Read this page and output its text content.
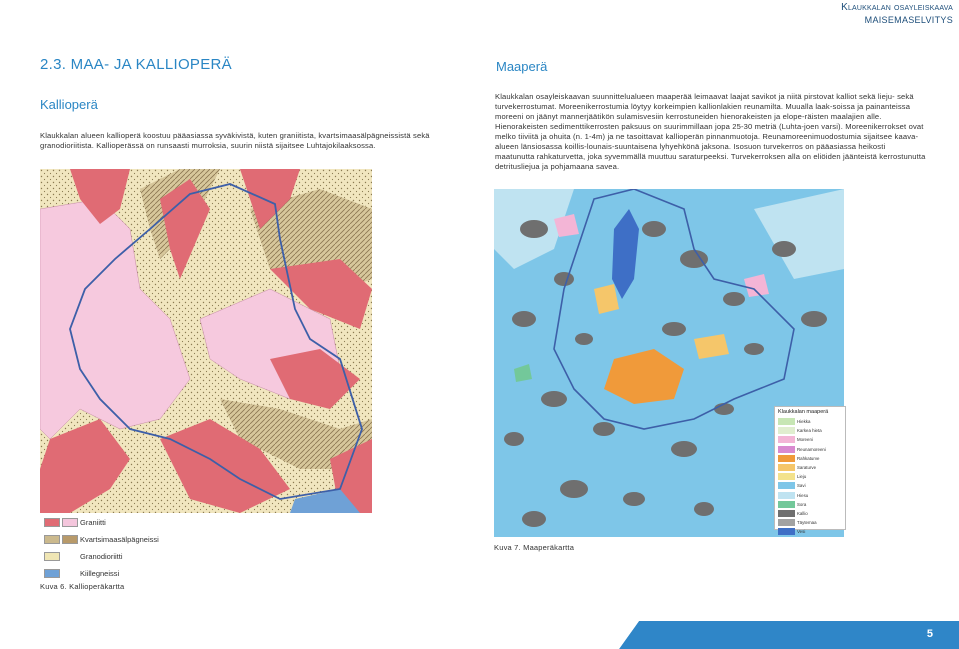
Klaukkalan osayleiskaava
MAISEMASELVITYS
2.3. MAA- JA KALLIOPERÄ
Kallioperä
Maaperä
Klaukkalan alueen kallioperä koostuu pääasiassa syväkivistä, kuten graniitista, kvartsimaasälpägneissistä sekä granodioriitista. Kallioperässä on runsaasti murroksia, suurin niistä sijaitsee Luhtajokilaaksossa.
Klaukkalan osayleiskaavan suunnittelualueen maaperää leimaavat laajat savikot ja niitä pirstovat kalliot sekä lieju- sekä turvekerrostumat. Moreenikerrostumia löytyy korkeimpien kallionlakien reunamilta. Muualla laak-soissa ja painanteissa moreeni on jäänyt mannerjäätikön sulamisvesiin kerrostuneiden hienorakeisten ja elope-räisten maalajien alle. Hienorakeisten sedimenttikerrosten paksuus on suurimmillaan jopa 25-30 metriä (Luhta-joen varsi). Moreenikerrokset ovat melko tiiviitä ja ohuita (n. 1-4m) ja ne tasoittavat kallioperän pinnanmuotoja. Reunamoreenimuodostumia sijaitsee kaava-alueen länsiosassa koillis-lounais-suuntaisena lyhyehkönä jaksona. Isosuon turvekerros on pääasiassa heikosti maatunutta rahkaturvetta, joka syvemmällä muuttuu saraturpeeksi. Turvekerroksen alla on eliöiden jäänteistä kerrostunutta detritusliejua ja pohjamaana savea.
Graniitti
Kvartsimaasälpägneissi
Granodioriitti
Kiillegneissi
Kuva 6. Kallioperäkartta
Klaukkalan maaperä
Hiekka
Karkea hieta
Moreeni
Reunamoreeni
Rahkaturve
Saraturve
Lieju
Savi
Hiesu
Sora
Kallio
Täytemaa
Vesi
Kuva 7. Maaperäkartta
5
